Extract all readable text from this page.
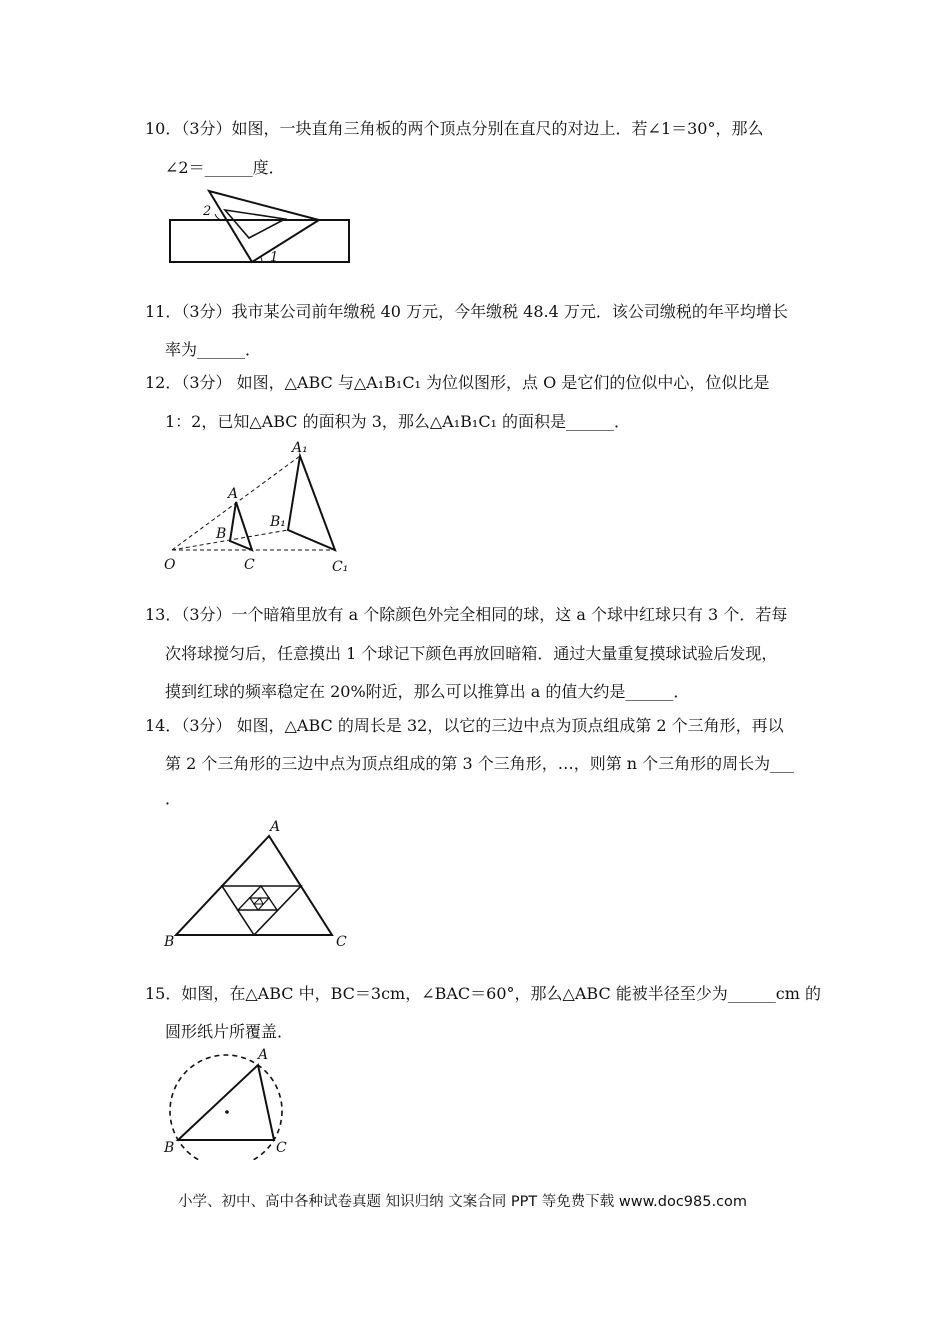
10．（3分）如图，一块直角三角板的两个顶点分别在直尺的对边上．若∠1＝30°，那么
∠2＝______度．
2
1
11．（3分）我市某公司前年缴税 40 万元，今年缴税 48.4 万元．该公司缴税的年平均增长
率为______．
12．（3分） 如图，△ABC 与△A₁B₁C₁ 为位似图形，点 O 是它们的位似中心，位似比是
1：2，已知△ABC 的面积为 3，那么△A₁B₁C₁ 的面积是______．
A₁
A
B₁
B
O	C	C₁
13．（3分）一个暗箱里放有 a 个除颜色外完全相同的球，这 a 个球中红球只有 3 个．若每
次将球搅匀后，任意摸出 1 个球记下颜色再放回暗箱．通过大量重复摸球试验后发现，
摸到红球的频率稳定在 20%附近，那么可以推算出 a 的值大约是______．
14．（3分） 如图，△ABC 的周长是 32，以它的三边中点为顶点组成第 2 个三角形，再以
第 2 个三角形的三边中点为顶点组成的第 3 个三角形，…，则第 n 个三角形的周长为___
．
A
B	C
15．如图，在△ABC 中，BC＝3cm，∠BAC＝60°，那么△ABC 能被半径至少为______cm 的
圆形纸片所覆盖．
A
B	C
小学、初中、高中各种试卷真题 知识归纳 文案合同 PPT 等免费下载 www.doc985.com
